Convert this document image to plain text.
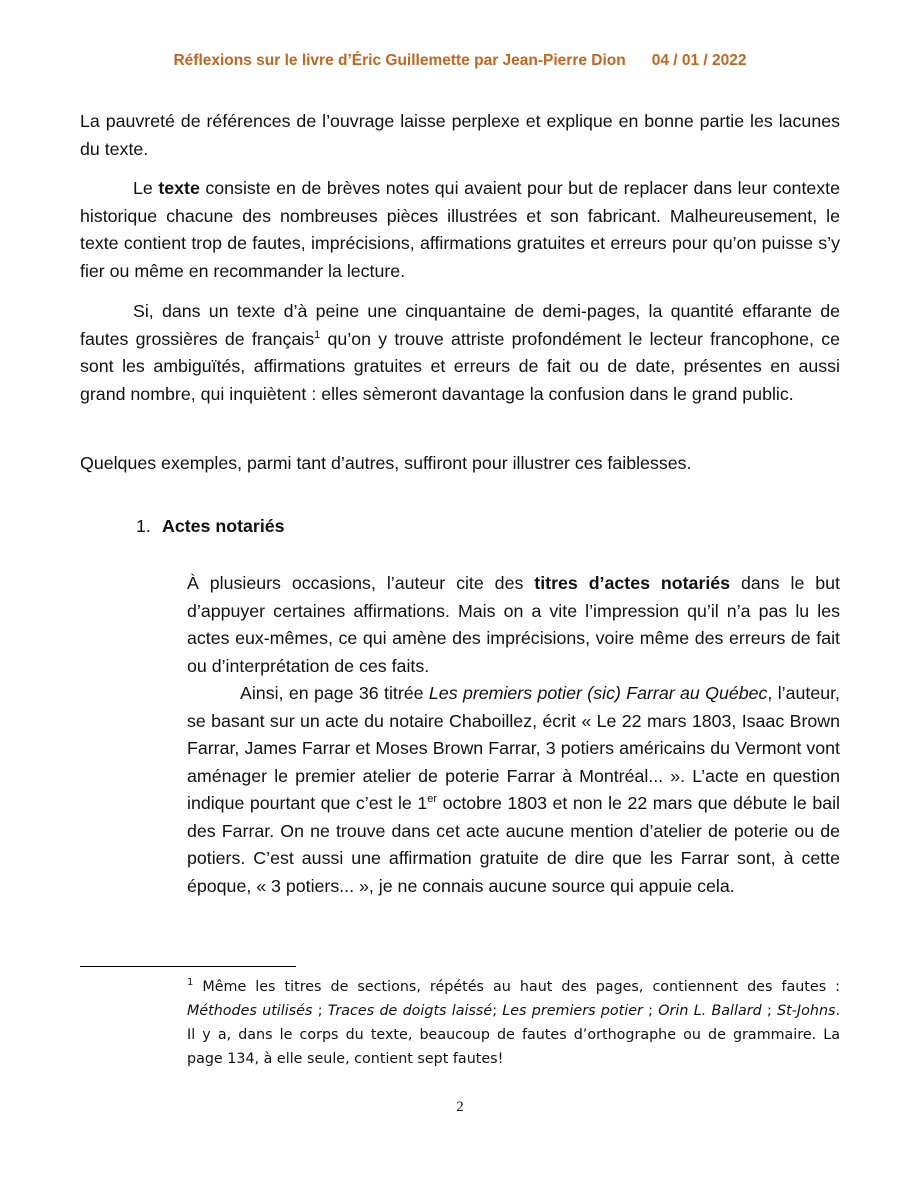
Réflexions sur le livre d’Éric Guillemette par Jean-Pierre Dion 04 / 01 / 2022

La pauvreté de références de l’ouvrage laisse perplexe et explique en bonne partie les lacunes du texte.

Le texte consiste en de brèves notes qui avaient pour but de replacer dans leur contexte historique chacune des nombreuses pièces illustrées et son fabricant. Malheureusement, le texte contient trop de fautes, imprécisions, affirmations gratuites et erreurs pour qu’on puisse s’y fier ou même en recommander la lecture.

Si, dans un texte d’à peine une cinquantaine de demi-pages, la quantité effarante de fautes grossières de français$^1$ qu’on y trouve attriste profondément le lecteur francophone, ce sont les ambiguïtés, affirmations gratuites et erreurs de fait ou de date, présentes en aussi grand nombre, qui inquiètent : elles sèmeront davantage la confusion dans le grand public.

Quelques exemples, parmi tant d’autres, suffiront pour illustrer ces faiblesses.

1. Actes notariés

À plusieurs occasions, l’auteur cite des titres d’actes notariés dans le but d’appuyer certaines affirmations. Mais on a vite l’impression qu’il n’a pas lu les actes eux-mêmes, ce qui amène des imprécisions, voire même des erreurs de fait ou d’interprétation de ces faits.

Ainsi, en page 36 titrée Les premiers potier (sic) Farrar au Québec, l’auteur, se basant sur un acte du notaire Chaboillez, écrit « Le 22 mars 1803, Isaac Brown Farrar, James Farrar et Moses Brown Farrar, 3 potiers américains du Vermont vont aménager le premier atelier de poterie Farrar à Montréal... ». L’acte en question indique pourtant que c’est le 1er octobre 1803 et non le 22 mars que débute le bail des Farrar. On ne trouve dans cet acte aucune mention d’atelier de poterie ou de potiers. C’est aussi une affirmation gratuite de dire que les Farrar sont, à cette époque, « 3 potiers... », je ne connais aucune source qui appuie cela.

$^1$ Même les titres de sections, répétés au haut des pages, contiennent des fautes : Méthodes utilisés ; Traces de doigts laissé; Les premiers potier ; Orin L. Ballard ; St-Johns. Il y a, dans le corps du texte, beaucoup de fautes d’orthographe ou de grammaire. La page 134, à elle seule, contient sept fautes!
2
